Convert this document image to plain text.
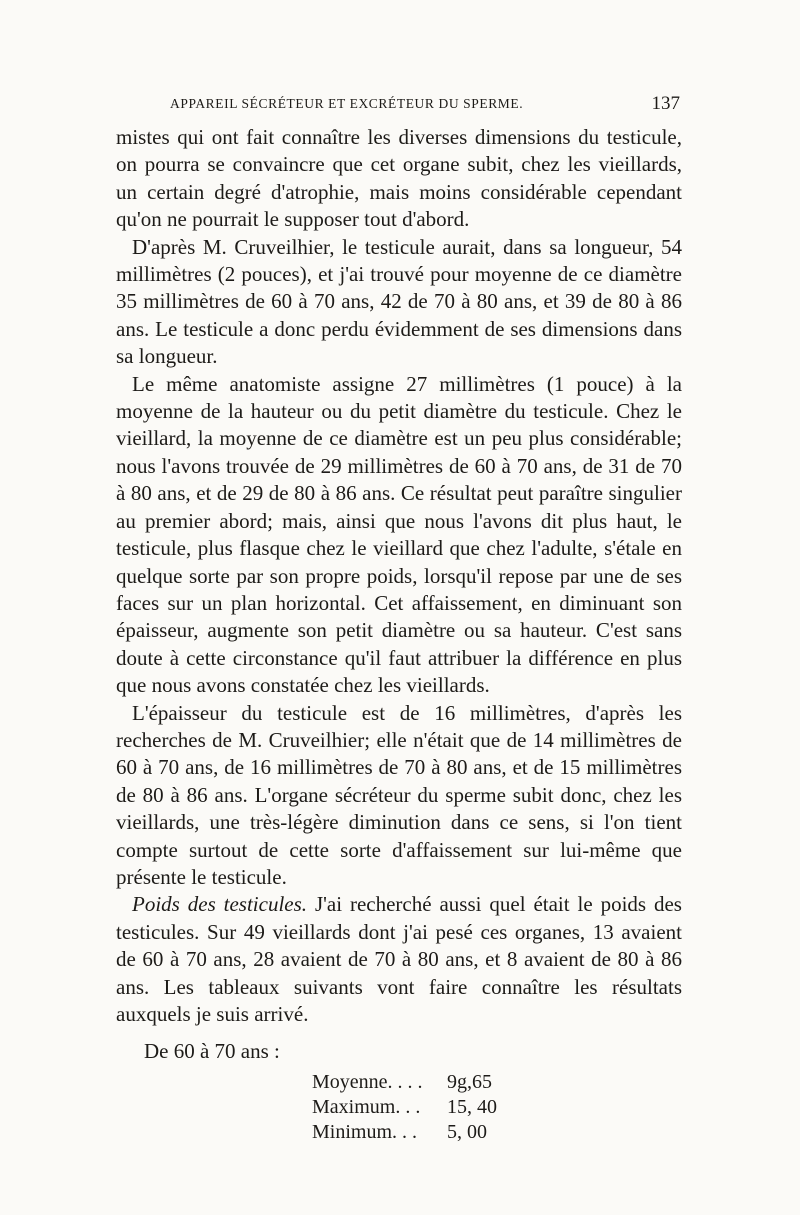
APPAREIL SÉCRÉTEUR ET EXCRÉTEUR DU SPERME.	137

mistes qui ont fait connaître les diverses dimensions du testicule, on pourra se convaincre que cet organe subit, chez les vieillards, un certain degré d'atrophie, mais moins considérable cependant qu'on ne pourrait le supposer tout d'abord.

D'après M. Cruveilhier, le testicule aurait, dans sa longueur, 54 millimètres (2 pouces), et j'ai trouvé pour moyenne de ce diamètre 35 millimètres de 60 à 70 ans, 42 de 70 à 80 ans, et 39 de 80 à 86 ans. Le testicule a donc perdu évidemment de ses dimensions dans sa longueur.

Le même anatomiste assigne 27 millimètres (1 pouce) à la moyenne de la hauteur ou du petit diamètre du testicule. Chez le vieillard, la moyenne de ce diamètre est un peu plus considérable; nous l'avons trouvée de 29 millimètres de 60 à 70 ans, de 31 de 70 à 80 ans, et de 29 de 80 à 86 ans. Ce résultat peut paraître singulier au premier abord; mais, ainsi que nous l'avons dit plus haut, le testicule, plus flasque chez le vieillard que chez l'adulte, s'étale en quelque sorte par son propre poids, lorsqu'il repose par une de ses faces sur un plan horizontal. Cet affaissement, en diminuant son épaisseur, augmente son petit diamètre ou sa hauteur. C'est sans doute à cette circonstance qu'il faut attribuer la différence en plus que nous avons constatée chez les vieillards.

L'épaisseur du testicule est de 16 millimètres, d'après les recherches de M. Cruveilhier; elle n'était que de 14 millimètres de 60 à 70 ans, de 16 millimètres de 70 à 80 ans, et de 15 millimètres de 80 à 86 ans. L'organe sécréteur du sperme subit donc, chez les vieillards, une très-légère diminution dans ce sens, si l'on tient compte surtout de cette sorte d'affaissement sur lui-même que présente le testicule.

Poids des testicules. J'ai recherché aussi quel était le poids des testicules. Sur 49 vieillards dont j'ai pesé ces organes, 13 avaient de 60 à 70 ans, 28 avaient de 70 à 80 ans, et 8 avaient de 80 à 86 ans. Les tableaux suivants vont faire connaître les résultats auxquels je suis arrivé.

De 60 à 70 ans :
Moyenne. . . .	9g,65
Maximum. . .	15, 40
Minimum. . .	5, 00
